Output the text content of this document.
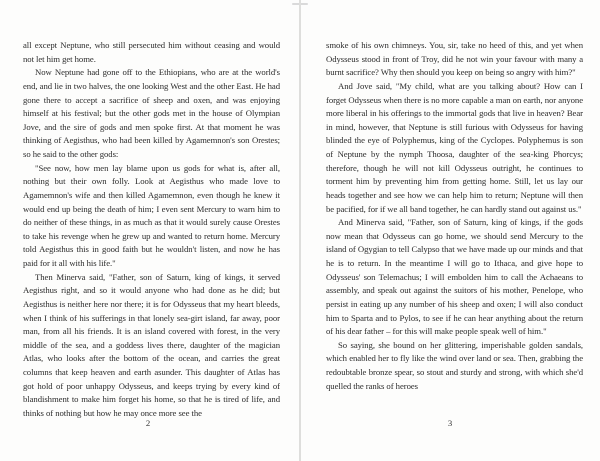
all except Neptune, who still persecuted him without ceasing and would not let him get home.

Now Neptune had gone off to the Ethiopians, who are at the world's end, and lie in two halves, the one looking West and the other East. He had gone there to accept a sacrifice of sheep and oxen, and was enjoying himself at his festival; but the other gods met in the house of Olympian Jove, and the sire of gods and men spoke first. At that moment he was thinking of Aegisthus, who had been killed by Agamemnon's son Orestes; so he said to the other gods:

"See now, how men lay blame upon us gods for what is, after all, nothing but their own folly. Look at Aegisthus who made love to Agamemnon's wife and then killed Agamemnon, even though he knew it would end up being the death of him; I even sent Mercury to warn him to do neither of these things, in as much as that it would surely cause Orestes to take his revenge when he grew up and wanted to return home. Mercury told Aegisthus this in good faith but he wouldn't listen, and now he has paid for it all with his life."

Then Minerva said, "Father, son of Saturn, king of kings, it served Aegisthus right, and so it would anyone who had done as he did; but Aegisthus is neither here nor there; it is for Odysseus that my heart bleeds, when I think of his sufferings in that lonely sea-girt island, far away, poor man, from all his friends. It is an island covered with forest, in the very middle of the sea, and a goddess lives there, daughter of the magician Atlas, who looks after the bottom of the ocean, and carries the great columns that keep heaven and earth asunder. This daughter of Atlas has got hold of poor unhappy Odysseus, and keeps trying by every kind of blandishment to make him forget his home, so that he is tired of life, and thinks of nothing but how he may once more see the

2

smoke of his own chimneys. You, sir, take no heed of this, and yet when Odysseus stood in front of Troy, did he not win your favour with many a burnt sacrifice? Why then should you keep on being so angry with him?"

And Jove said, "My child, what are you talking about? How can I forget Odysseus when there is no more capable a man on earth, nor anyone more liberal in his offerings to the immortal gods that live in heaven? Bear in mind, however, that Neptune is still furious with Odysseus for having blinded the eye of Polyphemus, king of the Cyclopes. Polyphemus is son of Neptune by the nymph Thoosa, daughter of the sea-king Phorcys; therefore, though he will not kill Odysseus outright, he continues to torment him by preventing him from getting home. Still, let us lay our heads together and see how we can help him to return; Neptune will then be pacified, for if we all band together, he can hardly stand out against us."

And Minerva said, "Father, son of Saturn, king of kings, if the gods now mean that Odysseus can go home, we should send Mercury to the island of Ogygian to tell Calypso that we have made up our minds and that he is to return. In the meantime I will go to Ithaca, and give hope to Odysseus' son Telemachus; I will embolden him to call the Achaeans to assembly, and speak out against the suitors of his mother, Penelope, who persist in eating up any number of his sheep and oxen; I will also conduct him to Sparta and to Pylos, to see if he can hear anything about the return of his dear father – for this will make people speak well of him."

So saying, she bound on her glittering, imperishable golden sandals, which enabled her to fly like the wind over land or sea. Then, grabbing the redoubtable bronze spear, so stout and sturdy and strong, with which she'd quelled the ranks of heroes

3
